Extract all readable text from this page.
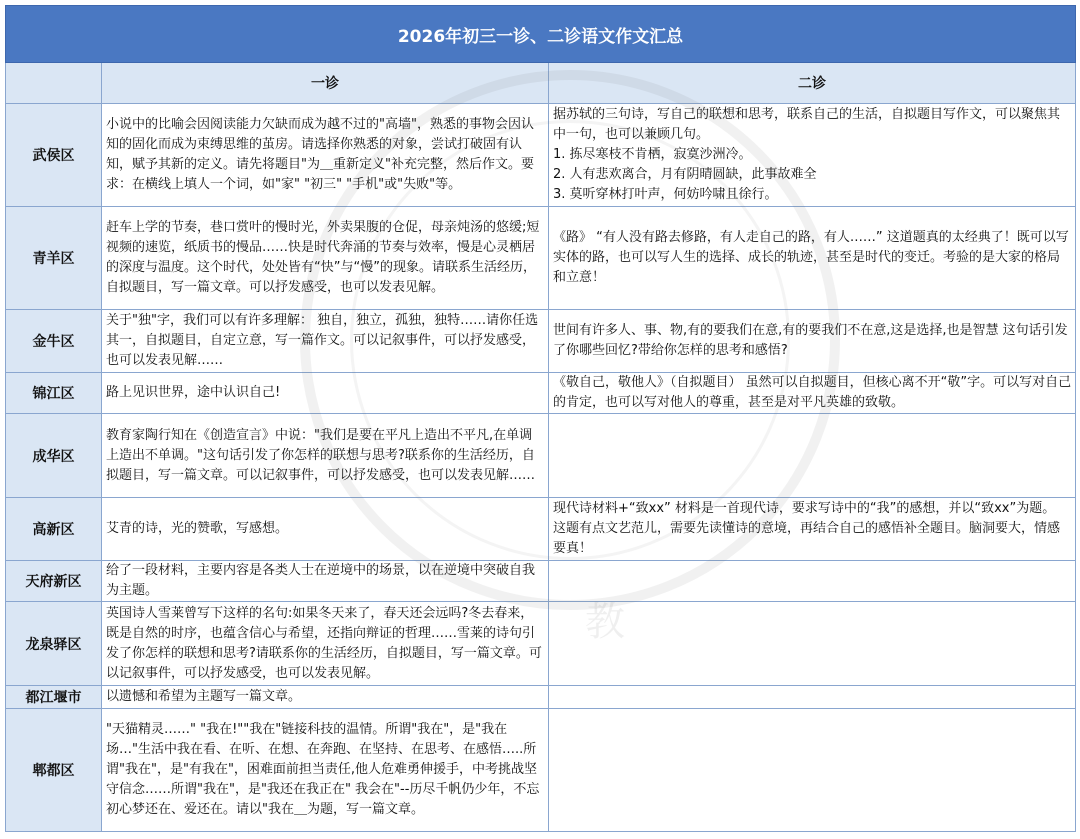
教
2026年初三一诊、二诊语文作文汇总		
	一诊	二诊
武侯区	小说中的比喻会因阅读能力欠缺而成为越不过的"高墙"，熟悉的事物会因认知的固化而成为束缚思维的茧房。请选择你熟悉的对象，尝试打破固有认知，赋予其新的定义。请先将题目"为＿重新定义"补充完整，然后作文。要求：在横线上填人一个词，如"家" "初三" "手机"或"失败"等。	据苏轼的三句诗，写自己的联想和思考，联系自己的生活，自拟题目写作文，可以聚焦其中一句，也可以兼顾几句。
1. 拣尽寒枝不肯栖，寂寞沙洲冷。
2. 人有悲欢离合，月有阴晴圆缺，此事故难全
3. 莫听穿林打叶声，何妨吟啸且徐行。

青羊区	赶车上学的节奏，巷口赏叶的慢时光，外卖果腹的仓促，母亲炖汤的悠缓;短视频的速览，纸质书的慢品……快是时代奔涌的节奏与效率，慢是心灵栖居的深度与温度。这个时代，处处皆有“快”与“慢”的现象。请联系生活经历，自拟题目，写一篇文章。可以抒发感受，也可以发表见解。	《路》 “有人没有路去修路，有人走自己的路，有人……” 这道题真的太经典了！既可以写实体的路，也可以写人生的选择、成长的轨迹，甚至是时代的变迁。考验的是大家的格局和立意！

金牛区	关于"独"字，我们可以有许多理解： 独自，独立，孤独，独特……请你任选其一，自拟题目，自定立意，写一篇作文。可以记叙事件，可以抒发感受，也可以发表见解……	世间有许多人、事、物,有的要我们在意,有的要我们不在意,这是选择,也是智慧 这句话引发了你哪些回忆?带给你怎样的思考和感悟?

锦江区	路上见识世界，途中认识自己!	《敬自己，敬他人》（自拟题目） 虽然可以自拟题目，但核心离不开“敬”字。可以写对自己的肯定，也可以写对他人的尊重，甚至是对平凡英雄的致敬。

成华区	教育家陶行知在《创造宣言》中说："我们是要在平凡上造出不平凡,在单调上造出不单调。"这句话引发了你怎样的联想与思考?联系你的生活经历，自拟题目，写一篇文章。可以记叙事件，可以抒发感受，也可以发表见解……	

高新区	艾青的诗，光的赞歌，写感想。	现代诗材料+“致xx” 材料是一首现代诗，要求写诗中的“我”的感想，并以“致xx”为题。 这题有点文艺范儿，需要先读懂诗的意境，再结合自己的感悟补全题目。脑洞要大，情感要真！

天府新区	给了一段材料，主要内容是各类人士在逆境中的场景，以在逆境中突破自我为主题。	

龙泉驿区	英国诗人雪莱曾写下这样的名句:如果冬天来了，春天还会远吗?冬去春来，既是自然的时序，也蕴含信心与希望，还指向辩证的哲理……雪莱的诗句引发了你怎样的联想和思考?请联系你的生活经历，自拟题目，写一篇文章。可以记叙事件，可以抒发感受，也可以发表见解。	

都江堰市	以遗憾和希望为主题写一篇文章。	

郫都区	"天猫精灵……" "我在!""我在"链接科技的温情。所谓"我在"，是"我在场…"生活中我在看、在听、在想、在奔跑、在坚持、在思考、在感悟…..所谓"我在"，是"有我在"，困难面前担当责任,他人危难勇伸援手，中考挑战坚守信念……所谓"我在"，是"我还在我正在" 我会在"--历尽千帆仍少年，不忘初心梦还在、爱还在。请以"我在＿为题，写一篇文章。	
